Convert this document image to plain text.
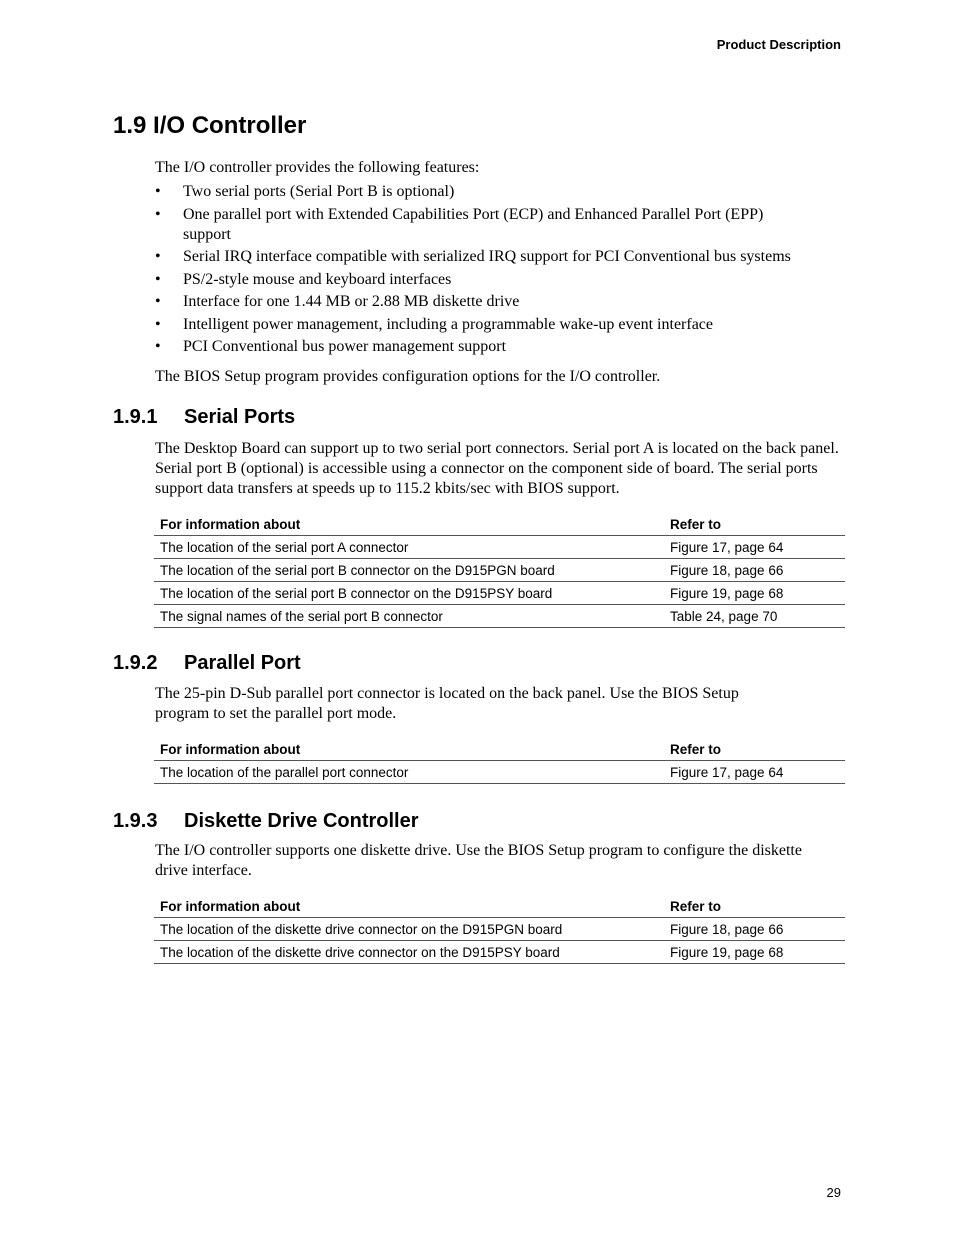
Product Description
1.9 I/O Controller

The I/O controller provides the following features:

• Two serial ports (Serial Port B is optional)
• One parallel port with Extended Capabilities Port (ECP) and Enhanced Parallel Port (EPP) support
• Serial IRQ interface compatible with serialized IRQ support for PCI Conventional bus systems
• PS/2-style mouse and keyboard interfaces
• Interface for one 1.44 MB or 2.88 MB diskette drive
• Intelligent power management, including a programmable wake-up event interface
• PCI Conventional bus power management support

The BIOS Setup program provides configuration options for the I/O controller.

1.9.1 Serial Ports

The Desktop Board can support up to two serial port connectors. Serial port A is located on the back panel. Serial port B (optional) is accessible using a connector on the component side of board. The serial ports support data transfers at speeds up to 115.2 kbits/sec with BIOS support.

For information about	Refer to
The location of the serial port A connector	Figure 17, page 64
The location of the serial port B connector on the D915PGN board	Figure 18, page 66
The location of the serial port B connector on the D915PSY board	Figure 19, page 68
The signal names of the serial port B connector	Table 24, page 70
1.9.2 Parallel Port

The 25-pin D-Sub parallel port connector is located on the back panel. Use the BIOS Setup program to set the parallel port mode.

For information about	Refer to
The location of the parallel port connector	Figure 17, page 64
1.9.3 Diskette Drive Controller

The I/O controller supports one diskette drive. Use the BIOS Setup program to configure the diskette drive interface.

For information about	Refer to
The location of the diskette drive connector on the D915PGN board	Figure 18, page 66
The location of the diskette drive connector on the D915PSY board	Figure 19, page 68
29
